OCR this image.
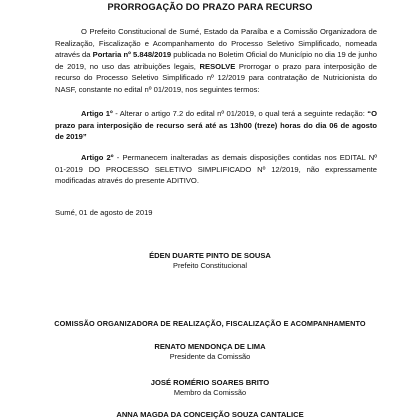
PRORROGAÇÃO DO PRAZO PARA RECURSO
O Prefeito Constitucional de Sumé, Estado da Paraíba e a Comissão Organizadora de Realização, Fiscalização e Acompanhamento do Processo Seletivo Simplificado, nomeada através da Portaria nº 5.848/2019 publicada no Boletim Oficial do Município no dia 19 de junho de 2019, no uso das atribuições legais, RESOLVE Prorrogar o prazo para interposição de recurso do Processo Seletivo Simplificado nº 12/2019 para contratação de Nutricionista do NASF, constante no edital nº 01/2019, nos seguintes termos:
Artigo 1º - Alterar o artigo 7.2 do edital nº 01/2019, o qual terá a seguinte redação: “O prazo para interposição de recurso será até as 13h00 (treze) horas do dia 06 de agosto de 2019”
Artigo 2º - Permanecem inalteradas as demais disposições contidas nos EDITAL Nº 01-2019 DO PROCESSO SELETIVO SIMPLIFICADO Nº 12/2019, não expressamente modificadas através do presente ADITIVO.
Sumé, 01 de agosto de 2019
ÉDEN DUARTE PINTO DE SOUSA
Prefeito Constitucional
COMISSÃO ORGANIZADORA DE REALIZAÇÃO, FISCALIZAÇÃO E ACOMPANHAMENTO
RENATO MENDONÇA DE LIMA
Presidente da Comissão
JOSÉ ROMÉRIO SOARES BRITO
Membro da Comissão
ANNA MAGDA DA CONCEIÇÃO SOUZA CANTALICE
